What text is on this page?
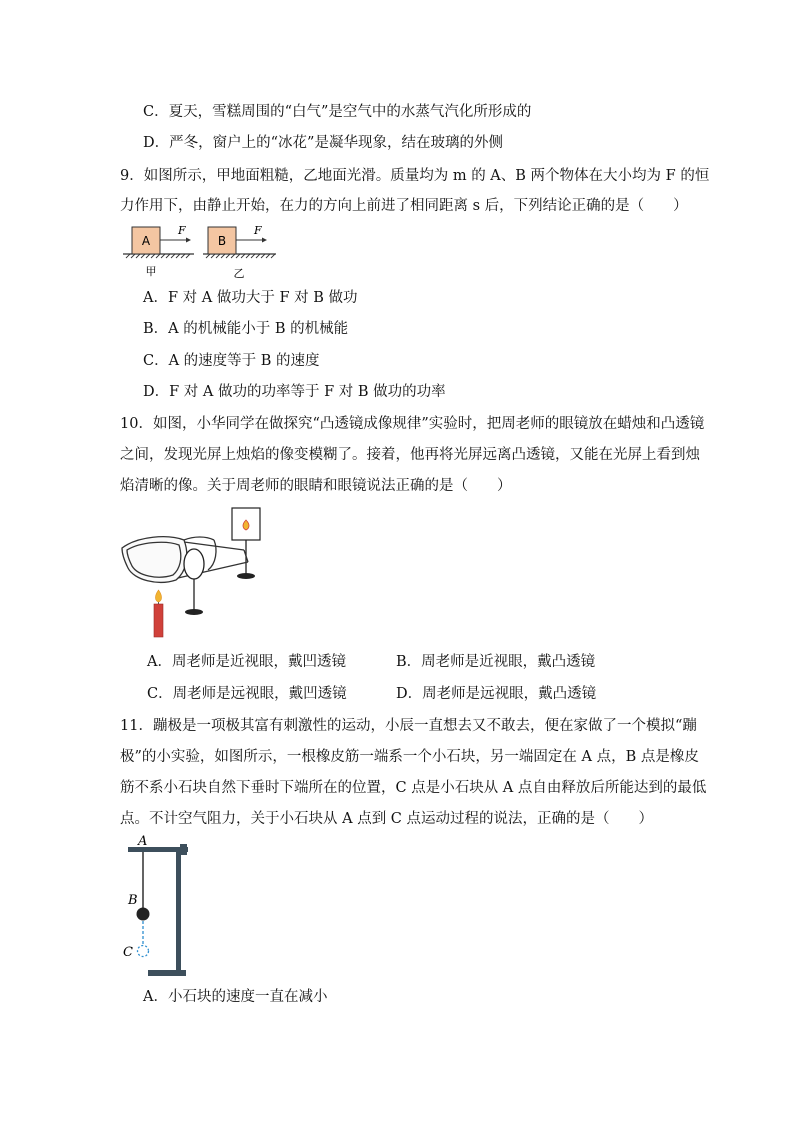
C．夏天，雪糕周围的“白气”是空气中的水蒸气汽化所形成的
D．严冬，窗户上的“冰花”是凝华现象，结在玻璃的外侧
9．如图所示，甲地面粗糙，乙地面光滑。质量均为 m 的 A、B 两个物体在大小均为 F 的恒
力作用下，由静止开始，在力的方向上前进了相同距离 s 后，下列结论正确的是（　　）
A
F
B
F
甲	乙
A．F 对 A 做功大于 F 对 B 做功
B．A 的机械能小于 B 的机械能
C．A 的速度等于 B 的速度
D．F 对 A 做功的功率等于 F 对 B 做功的功率
10．如图，小华同学在做探究“凸透镜成像规律”实验时，把周老师的眼镜放在蜡烛和凸透镜
之间，发现光屏上烛焰的像变模糊了。接着，他再将光屏远离凸透镜，又能在光屏上看到烛
焰清晰的像。关于周老师的眼睛和眼镜说法正确的是（　　）
A．周老师是近视眼，戴凹透镜	B．周老师是近视眼，戴凸透镜
C．周老师是远视眼，戴凹透镜	D．周老师是远视眼，戴凸透镜
11．蹦极是一项极其富有刺激性的运动，小辰一直想去又不敢去，便在家做了一个模拟“蹦
极”的小实验，如图所示，一根橡皮筋一端系一个小石块，另一端固定在 A 点，B 点是橡皮
筋不系小石块自然下垂时下端所在的位置，C 点是小石块从 A 点自由释放后所能达到的最低
点。不计空气阻力，关于小石块从 A 点到 C 点运动过程的说法，正确的是（　　）
A
B
C
A．小石块的速度一直在减小
